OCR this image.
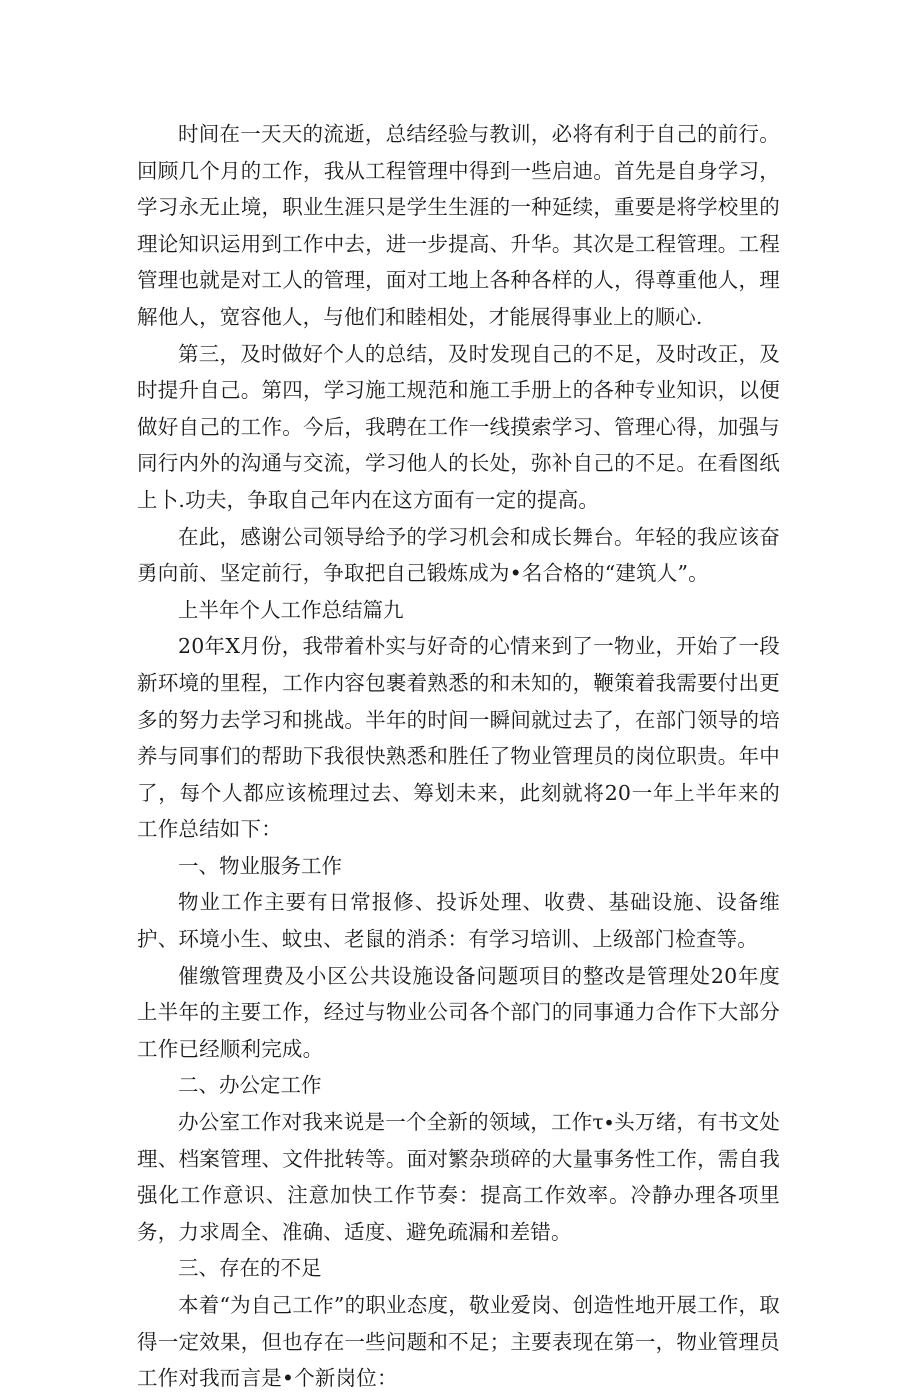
时间在一天天的流逝，总结经验与教训，必将有利于自己的前行。回顾几个月的工作，我从工程管理中得到一些启迪。首先是自身学习，学习永无止境，职业生涯只是学生生涯的一种延续，重要是将学校里的理论知识运用到工作中去，进一步提高、升华。其次是工程管理。工程管理也就是对工人的管理，面对工地上各种各样的人，得尊重他人，理解他人，宽容他人，与他们和睦相处，才能展得事业上的顺心.

第三，及时做好个人的总结，及时发现自己的不足，及时改正，及时提升自己。第四，学习施工规范和施工手册上的各种专业知识，以便做好自己的工作。今后，我聘在工作一线摸索学习、管理心得，加强与同行内外的沟通与交流，学习他人的长处，弥补自己的不足。在看图纸上卜.功夫，争取自己年内在这方面有一定的提高。

在此，感谢公司领导给予的学习机会和成长舞台。年轻的我应该奋勇向前、坚定前行，争取把自己锻炼成为•名合格的“建筑人”。

上半年个人工作总结篇九

20年X月份，我带着朴实与好奇的心情来到了一物业，开始了一段新环境的里程，工作内容包裹着熟悉的和未知的，鞭策着我需要付出更多的努力去学习和挑战。半年的时间一瞬间就过去了，在部门领导的培养与同事们的帮助下我很快熟悉和胜任了物业管理员的岗位职贵。年中了，每个人都应该梳理过去、筹划未来，此刻就将20一年上半年来的工作总结如下：

一、物业服务工作

物业工作主要有日常报修、投诉处理、收费、基础设施、设备维护、环境小生、蚊虫、老鼠的消杀：有学习培训、上级部门检查等。

催缴管理费及小区公共设施设备问题项目的整改是管理处20年度上半年的主要工作，经过与物业公司各个部门的同事通力合作下大部分工作已经顺利完成。

二、办公定工作

办公室工作对我来说是一个全新的领域，工作τ∙头万绪，有书文处理、档案管理、文件批转等。面对繁杂琐碎的大量事务性工作，需自我强化工作意识、注意加快工作节奏：提高工作效率。冷静办理各项里务，力求周全、准确、适度、避免疏漏和差错。

三、存在的不足

本着“为自己工作”的职业态度，敬业爱岗、创造性地开展工作，取得一定效果，但也存在一些问题和不足；主要表现在第一，物业管理员工作对我而言是•个新岗位：
